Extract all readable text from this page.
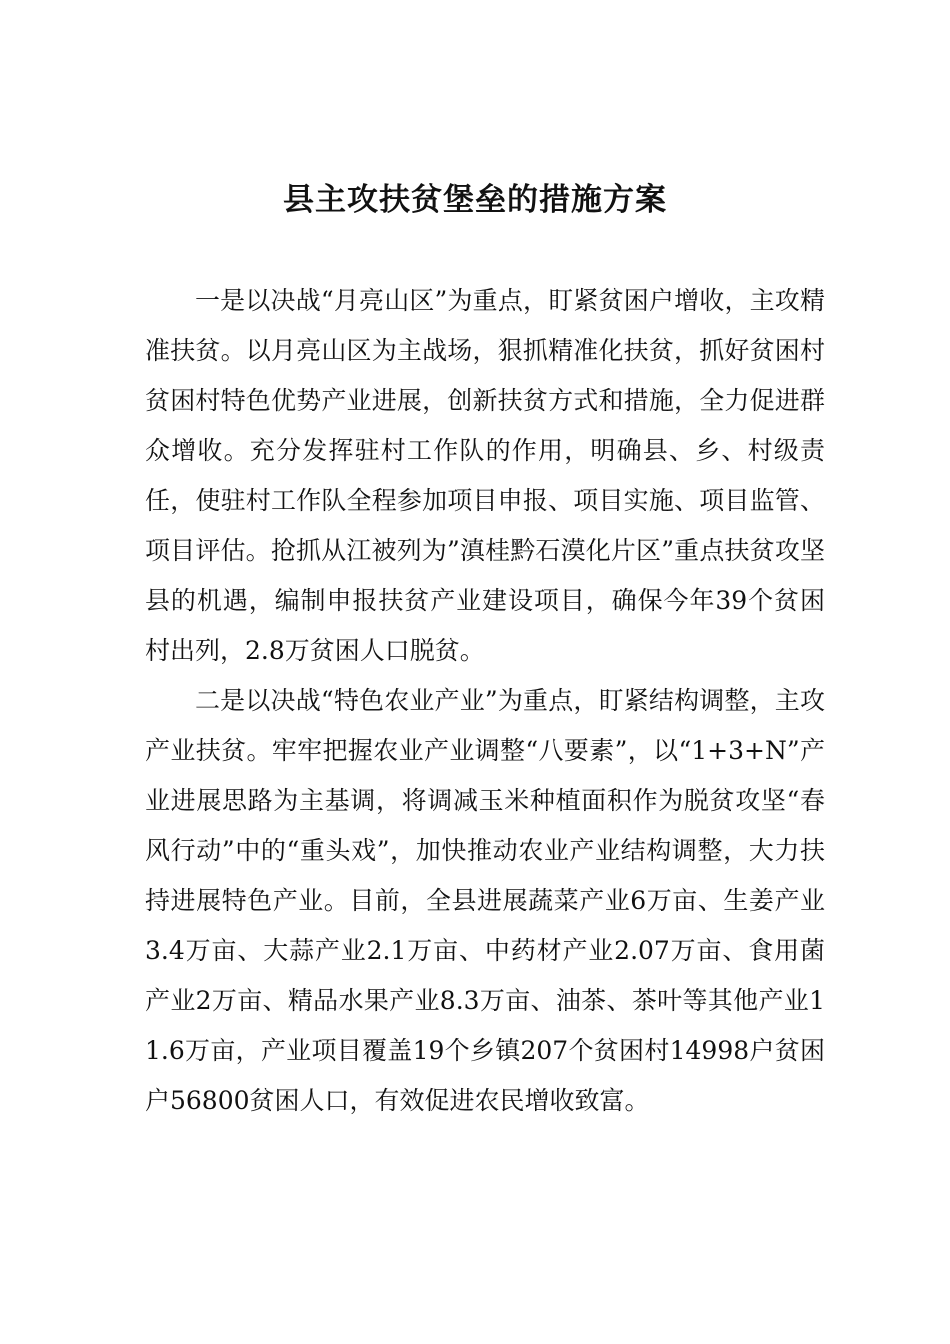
县主攻扶贫堡垒的措施方案

一是以决战“月亮山区”为重点，盯紧贫困户增收，主攻精准扶贫。以月亮山区为主战场，狠抓精准化扶贫，抓好贫困村贫困村特色优势产业进展，创新扶贫方式和措施，全力促进群众增收。充分发挥驻村工作队的作用，明确县、乡、村级责任，使驻村工作队全程参加项目申报、项目实施、项目监管、项目评估。抢抓从江被列为”滇桂黔石漠化片区”重点扶贫攻坚县的机遇，编制申报扶贫产业建设项目，确保今年39个贫困村出列，2.8万贫困人口脱贫。

二是以决战“特色农业产业”为重点，盯紧结构调整，主攻产业扶贫。牢牢把握农业产业调整“八要素”，以“1+3+N”产业进展思路为主基调，将调减玉米种植面积作为脱贫攻坚“春风行动”中的“重头戏”，加快推动农业产业结构调整，大力扶持进展特色产业。目前，全县进展蔬菜产业6万亩、生姜产业3.4万亩、大蒜产业2.1万亩、中药材产业2.07万亩、食用菌产业2万亩、精品水果产业8.3万亩、油茶、茶叶等其他产业11.6万亩，产业项目覆盖19个乡镇207个贫困村14998户贫困户56800贫困人口，有效促进农民增收致富。
